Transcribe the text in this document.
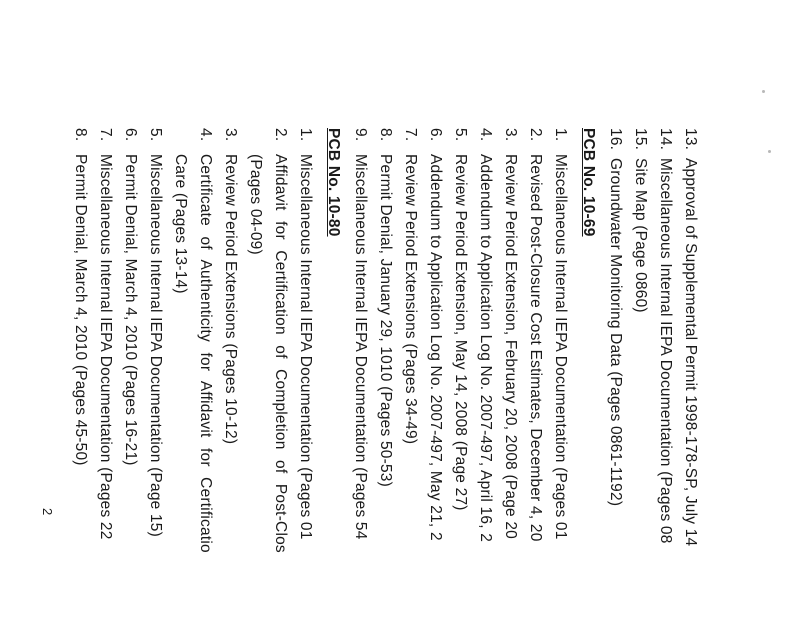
13.
Approval of Supplemental Permit 1998-178-SP, July 14
14.
Miscellaneous Internal IEPA Documentation (Pages 08
15.
Site Map (Page 0860)
16.
Groundwater Monitoring Data (Pages 0861-1192)
PCB No. 10-69
1.
Miscellaneous Internal IEPA Documentation (Pages 01
2.
Revised Post-Closure Cost Estimates, December 4, 20
3.
Review Period Extension, February 20, 2008 (Page 20
4.
Addendum to Application Log No. 2007-497, April 16, 2
5.
Review Period Extension, May 14, 2008 (Page 27)
6.
Addendum to Application Log No. 2007-497, May 21, 2
7.
Review Period Extensions (Pages 34-49)
8.
Permit Denial, January 29, 1010 (Pages 50-53)
9.
Miscellaneous Internal IEPA Documentation (Pages 54
PCB No. 10-80
1.
Miscellaneous Internal IEPA Documentation (Pages 01
2.
Affidavit for Certification of Completion of Post-Clos
(Pages 04-09)
3.
Review Period Extensions (Pages 10-12)
4.
Certificate of Authenticity for Affidavit for Certificatio
Care (Pages 13-14)
5.
Miscellaneous Internal IEPA Documentation (Page 15)
6.
Permit Denial, March 4, 2010 (Pages 16-21)
7.
Miscellaneous Internal IEPA Documentation (Pages 22
8.
Permit Denial, March 4, 2010 (Pages 45-50)
2
